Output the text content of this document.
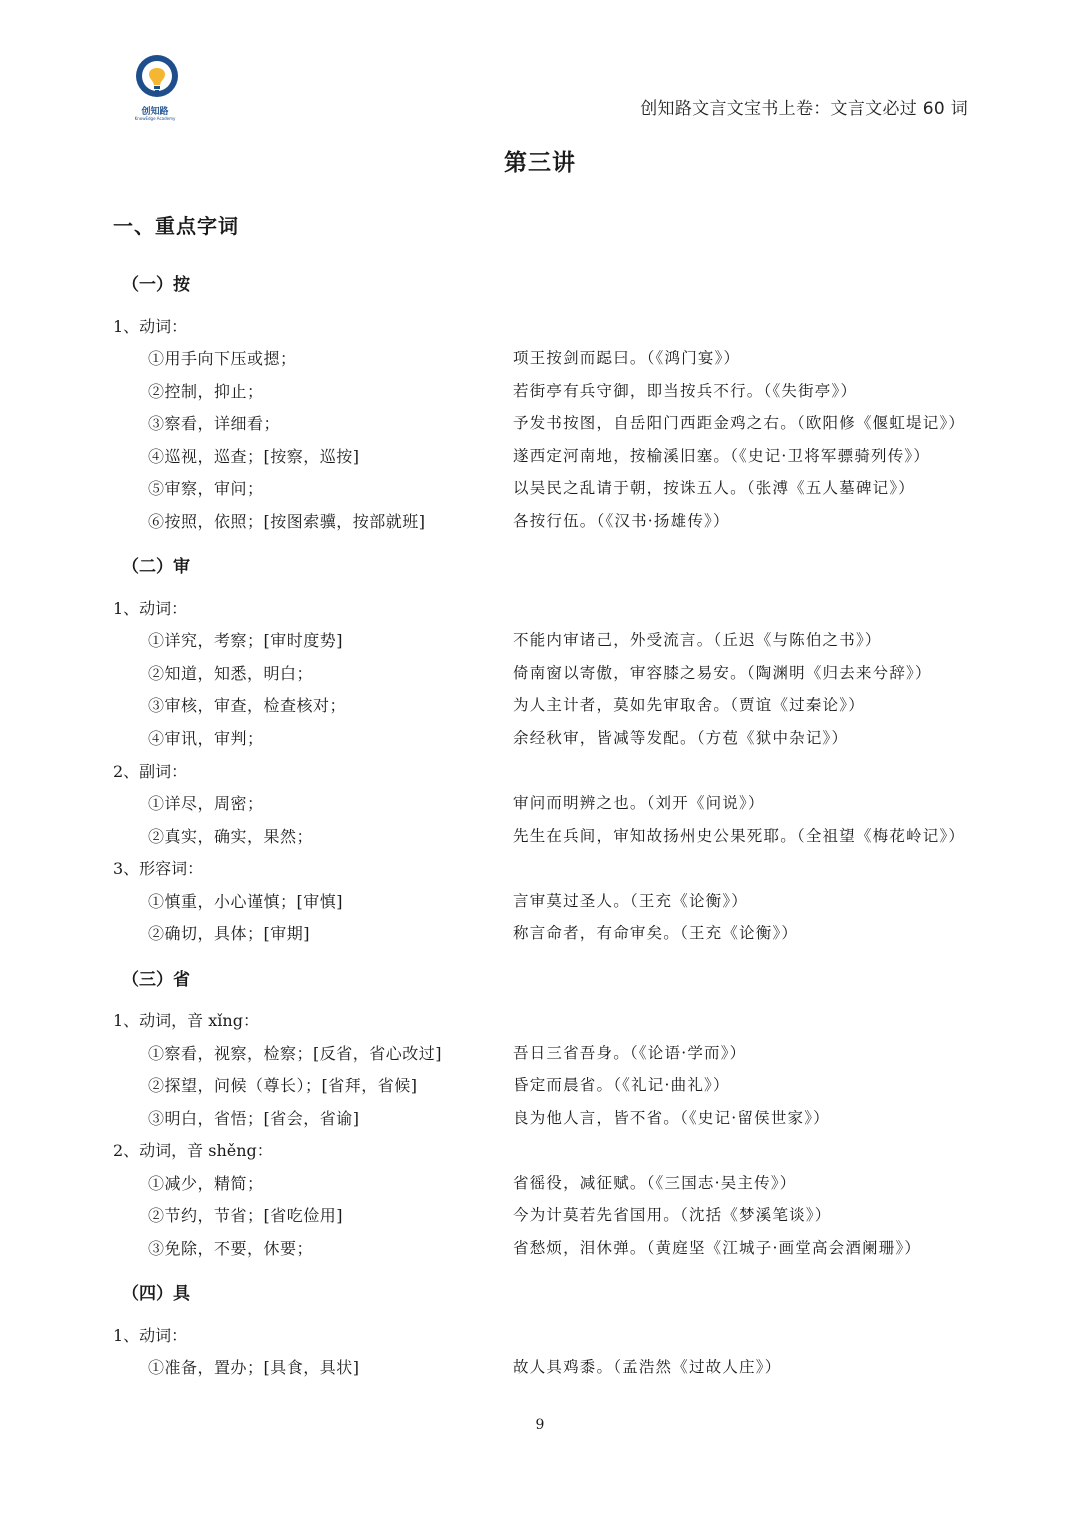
创知路
KnowEdge Academy	创知路文言文宝书上卷：文言文必过 60 词
第三讲
一、重点字词
（一）按
1、动词：
①用手向下压或摁；	项王按剑而跽曰。（《鸿门宴》）
②控制，抑止；	若街亭有兵守御，即当按兵不行。（《失街亭》）
③察看，详细看；	予发书按图，自岳阳门西距金鸡之右。（欧阳修《偃虹堤记》）
④巡视，巡查；[按察，巡按]	遂西定河南地，按榆溪旧塞。（《史记·卫将军骠骑列传》）
⑤审察，审问；	以吴民之乱请于朝，按诛五人。（张溥《五人墓碑记》）
⑥按照，依照；[按图索骥，按部就班]	各按行伍。（《汉书·扬雄传》）
（二）审
1、动词：
①详究，考察；[审时度势]	不能内审诸己，外受流言。（丘迟《与陈伯之书》）
②知道，知悉，明白；	倚南窗以寄傲，审容膝之易安。（陶渊明《归去来兮辞》）
③审核，审查，检查核对；	为人主计者，莫如先审取舍。（贾谊《过秦论》）
④审讯，审判；	余经秋审，皆减等发配。（方苞《狱中杂记》）
2、副词：
①详尽，周密；	审问而明辨之也。（刘开《问说》）
②真实，确实，果然；	先生在兵间，审知故扬州史公果死耶。（全祖望《梅花岭记》）
3、形容词：
①慎重，小心谨慎；[审慎]	言审莫过圣人。（王充《论衡》）
②确切，具体；[审期]	称言命者，有命审矣。（王充《论衡》）
（三）省
1、动词，音 xǐng：
①察看，视察，检察；[反省，省心改过]	吾日三省吾身。（《论语·学而》）
②探望，问候（尊长）；[省拜，省候]	昏定而晨省。（《礼记·曲礼》）
③明白，省悟；[省会，省谕]	良为他人言，皆不省。（《史记·留侯世家》）
2、动词，音 shěng：
①减少，精简；	省徭役，减征赋。（《三国志·吴主传》）
②节约，节省；[省吃俭用]	今为计莫若先省国用。（沈括《梦溪笔谈》）
③免除，不要，休要；	省愁烦，泪休弹。（黄庭坚《江城子·画堂高会酒阑珊》）
（四）具
1、动词：
①准备，置办；[具食，具状]	故人具鸡黍。（孟浩然《过故人庄》）
9
